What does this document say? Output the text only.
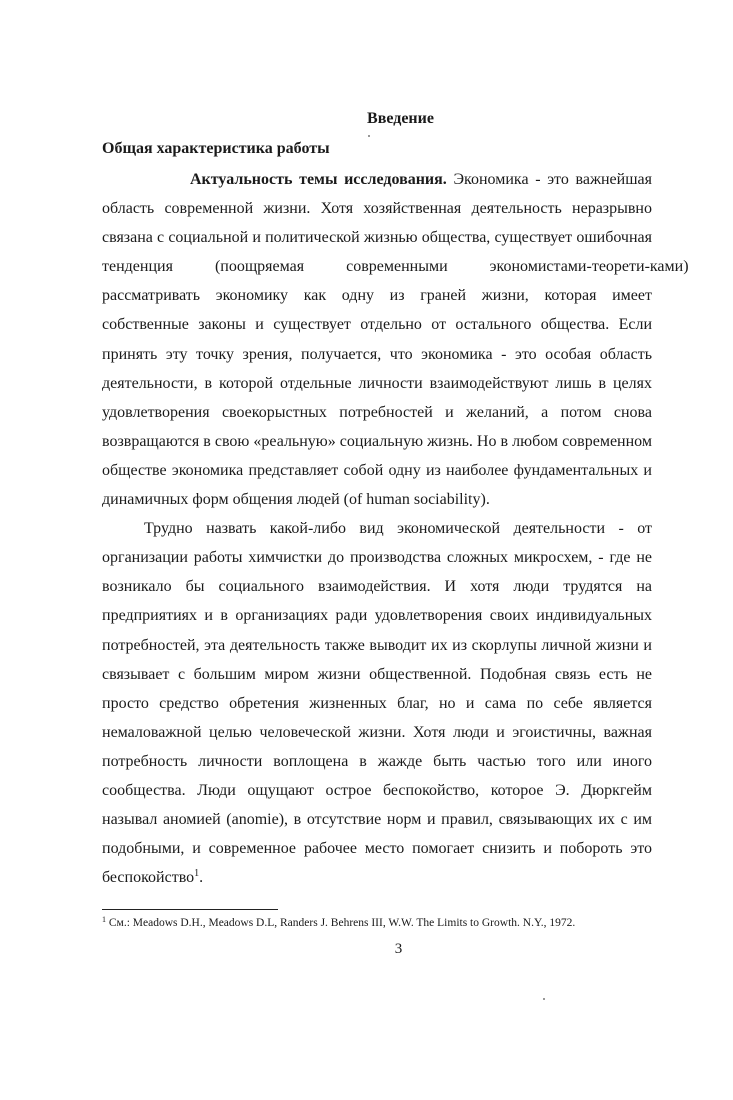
Введение
Общая характеристика работы
Актуальность темы исследования. Экономика - это важнейшая
область современной жизни. Хотя хозяйственная деятельность неразрывно
связана с социальной и политической жизнью общества, существует ошибочная
тенденция (поощряемая современными экономистами-теорети-ками)
рассматривать экономику как одну из граней жизни, которая имеет
собственные законы и существует отдельно от остального общества. Если
принять эту точку зрения, получается, что экономика - это особая область
деятельности, в которой отдельные личности взаимодействуют лишь в целях
удовлетворения своекорыстных потребностей и желаний, а потом снова
возвращаются в свою «реальную» социальную жизнь. Но в любом современном
обществе экономика представляет собой одну из наиболее фундаментальных и
динамичных форм общения людей (of human sociability).
Трудно назвать какой-либо вид экономической деятельности - от
организации работы химчистки до производства сложных микросхем, - где не
возникало бы социального взаимодействия. И хотя люди трудятся на
предприятиях и в организациях ради удовлетворения своих индивидуальных
потребностей, эта деятельность также выводит их из скорлупы личной жизни и
связывает с большим миром жизни общественной. Подобная связь есть не
просто средство обретения жизненных благ, но и сама по себе является
немаловажной целью человеческой жизни. Хотя люди и эгоистичны, важная
потребность личности воплощена в жажде быть частью того или иного
сообщества. Люди ощущают острое беспокойство, которое Э. Дюркгейм
называл аномией (anomie), в отсутствие норм и правил, связывающих их с им
подобными, и современное рабочее место помогает снизить и побороть это
беспокойство$^1$.
$^1$ См.: Meadows D.H., Meadows D.L, Randers J. Behrens III, W.W. The Limits to Growth. N.Y., 1972.
3
